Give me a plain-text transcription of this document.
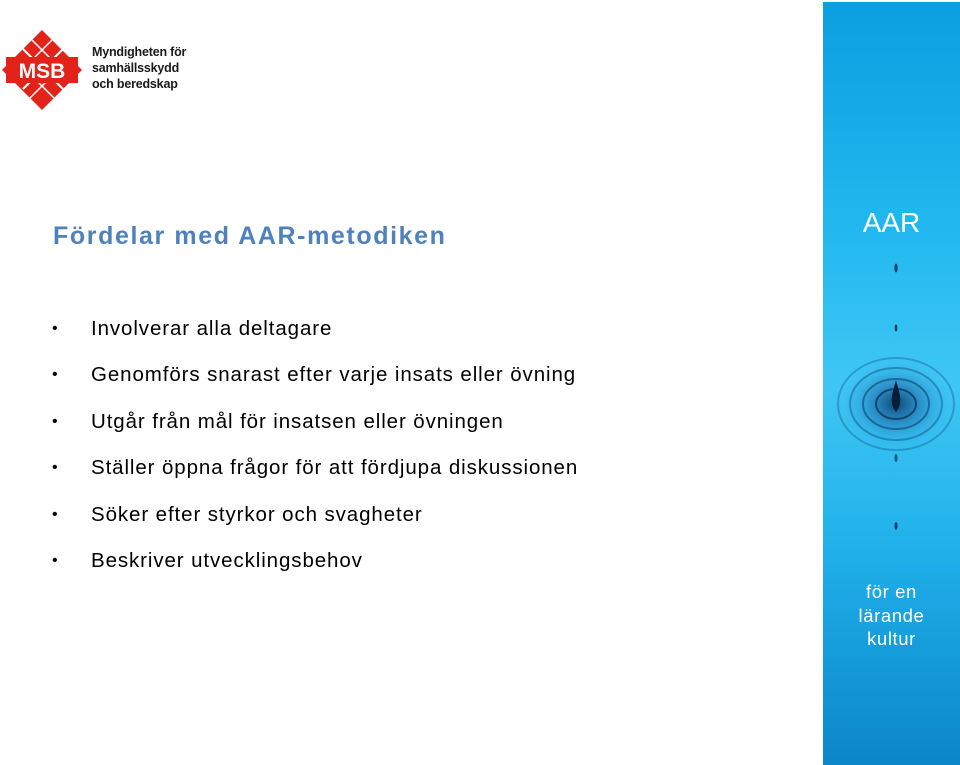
MSB
Myndigheten för
samhällsskydd
och beredskap
Fördelar med AAR-metodiken
• Involverar alla deltagare
• Genomförs snarast efter varje insats eller övning
• Utgår från mål för insatsen eller övningen
• Ställer öppna frågor för att fördjupa diskussionen
• Söker efter styrkor och svagheter
• Beskriver utvecklingsbehov
AAR
för en
lärande
kultur
